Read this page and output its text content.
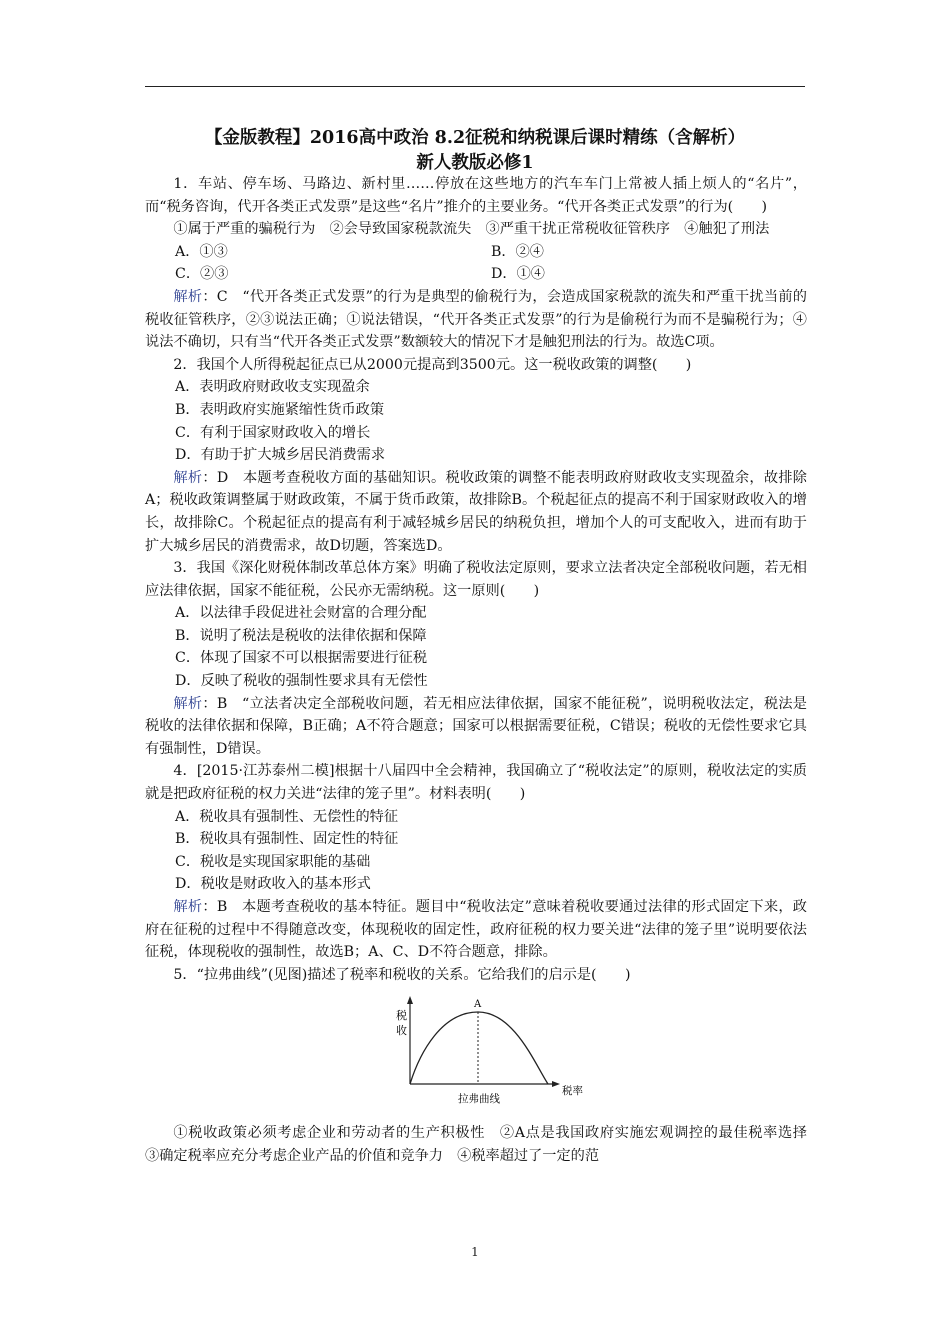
【金版教程】2016高中政治 8.2征税和纳税课后课时精练（含解析）
新人教版必修1

1．车站、停车场、马路边、新村里……停放在这些地方的汽车车门上常被人插上烦人的“名片”，而“税务咨询，代开各类正式发票”是这些“名片”推介的主要业务。“代开各类正式发票”的行为(　　)

①属于严重的骗税行为　②会导致国家税款流失　③严重干扰正常税收征管秩序　④触犯了刑法

A．①③	B．②④
C．②③	D．①④

解析：C　“代开各类正式发票”的行为是典型的偷税行为，会造成国家税款的流失和严重干扰当前的税收征管秩序，②③说法正确；①说法错误，“代开各类正式发票”的行为是偷税行为而不是骗税行为；④说法不确切，只有当“代开各类正式发票”数额较大的情况下才是触犯刑法的行为。故选C项。

2．我国个人所得税起征点已从2000元提高到3500元。这一税收政策的调整(　　)

A．表明政府财政收支实现盈余

B．表明政府实施紧缩性货币政策

C．有利于国家财政收入的增长

D．有助于扩大城乡居民消费需求

解析：D　本题考查税收方面的基础知识。税收政策的调整不能表明政府财政收支实现盈余，故排除A；税收政策调整属于财政政策，不属于货币政策，故排除B。个税起征点的提高不利于国家财政收入的增长，故排除C。个税起征点的提高有利于减轻城乡居民的纳税负担，增加个人的可支配收入，进而有助于扩大城乡居民的消费需求，故D切题，答案选D。

3．我国《深化财税体制改革总体方案》明确了税收法定原则，要求立法者决定全部税收问题，若无相应法律依据，国家不能征税，公民亦无需纳税。这一原则(　　)

A．以法律手段促进社会财富的合理分配

B．说明了税法是税收的法律依据和保障

C．体现了国家不可以根据需要进行征税

D．反映了税收的强制性要求具有无偿性

解析：B　“立法者决定全部税收问题，若无相应法律依据，国家不能征税”，说明税收法定，税法是税收的法律依据和保障，B正确；A不符合题意；国家可以根据需要征税，C错误；税收的无偿性要求它具有强制性，D错误。

4．[2015·江苏泰州二模]根据十八届四中全会精神，我国确立了“税收法定”的原则，税收法定的实质就是把政府征税的权力关进“法律的笼子里”。材料表明(　　)

A．税收具有强制性、无偿性的特征

B．税收具有强制性、固定性的特征

C．税收是实现国家职能的基础

D．税收是财政收入的基本形式

解析：B　本题考查税收的基本特征。题目中“税收法定”意味着税收要通过法律的形式固定下来，政府在征税的过程中不得随意改变，体现税收的固定性，政府征税的权力要关进“法律的笼子里”说明要依法征税，体现税收的强制性，故选B；A、C、D不符合题意，排除。

5．“拉弗曲线”(见图)描述了税率和税收的关系。它给我们的启示是(　　)

税
收
A
拉弗曲线
税率

①税收政策必须考虑企业和劳动者的生产积极性　②A点是我国政府实施宏观调控的最佳税率选择　③确定税率应充分考虑企业产品的价值和竞争力　④税率超过了一定的范

1
